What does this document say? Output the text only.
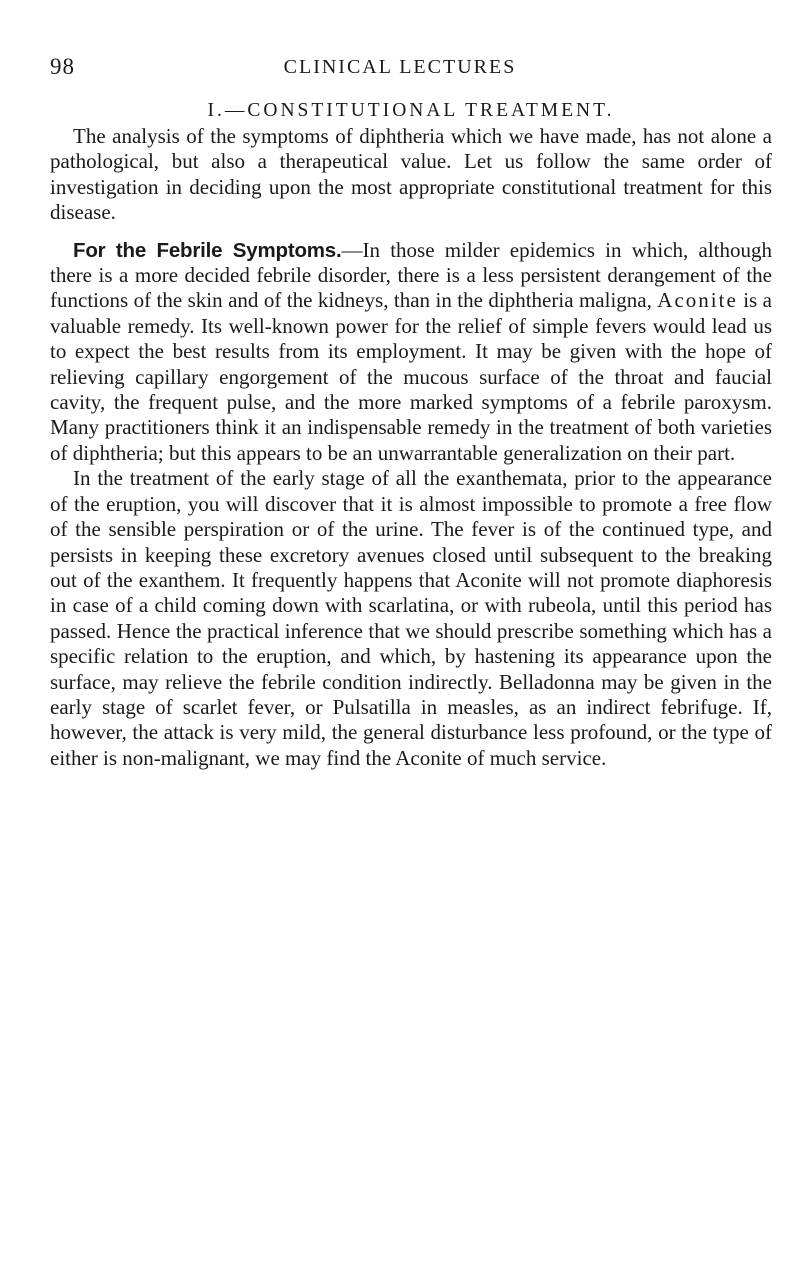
98	CLINICAL LECTURES
I.—CONSTITUTIONAL TREATMENT.

The analysis of the symptoms of diphtheria which we have made, has not alone a pathological, but also a therapeutical value. Let us follow the same order of investigation in deciding upon the most appropriate constitutional treatment for this disease.

For the Febrile Symptoms.—In those milder epidemics in which, although there is a more decided febrile disorder, there is a less persistent derangement of the functions of the skin and of the kidneys, than in the diphtheria maligna, Aconite is a valuable remedy. Its well-known power for the relief of simple fevers would lead us to expect the best results from its employment. It may be given with the hope of relieving capillary engorgement of the mucous surface of the throat and faucial cavity, the frequent pulse, and the more marked symptoms of a febrile paroxysm. Many practitioners think it an indispensable remedy in the treatment of both varieties of diphtheria; but this appears to be an unwarrantable generalization on their part.

In the treatment of the early stage of all the exanthemata, prior to the appearance of the eruption, you will discover that it is almost impossible to promote a free flow of the sensible perspiration or of the urine. The fever is of the continued type, and persists in keeping these excretory avenues closed until subsequent to the breaking out of the exanthem. It frequently happens that Aconite will not promote diaphoresis in case of a child coming down with scarlatina, or with rubeola, until this period has passed. Hence the practical inference that we should prescribe something which has a specific relation to the eruption, and which, by hastening its appearance upon the surface, may relieve the febrile condition indirectly. Belladonna may be given in the early stage of scarlet fever, or Pulsatilla in measles, as an indirect febrifuge. If, however, the attack is very mild, the general disturbance less profound, or the type of either is non-malignant, we may find the Aconite of much service.
